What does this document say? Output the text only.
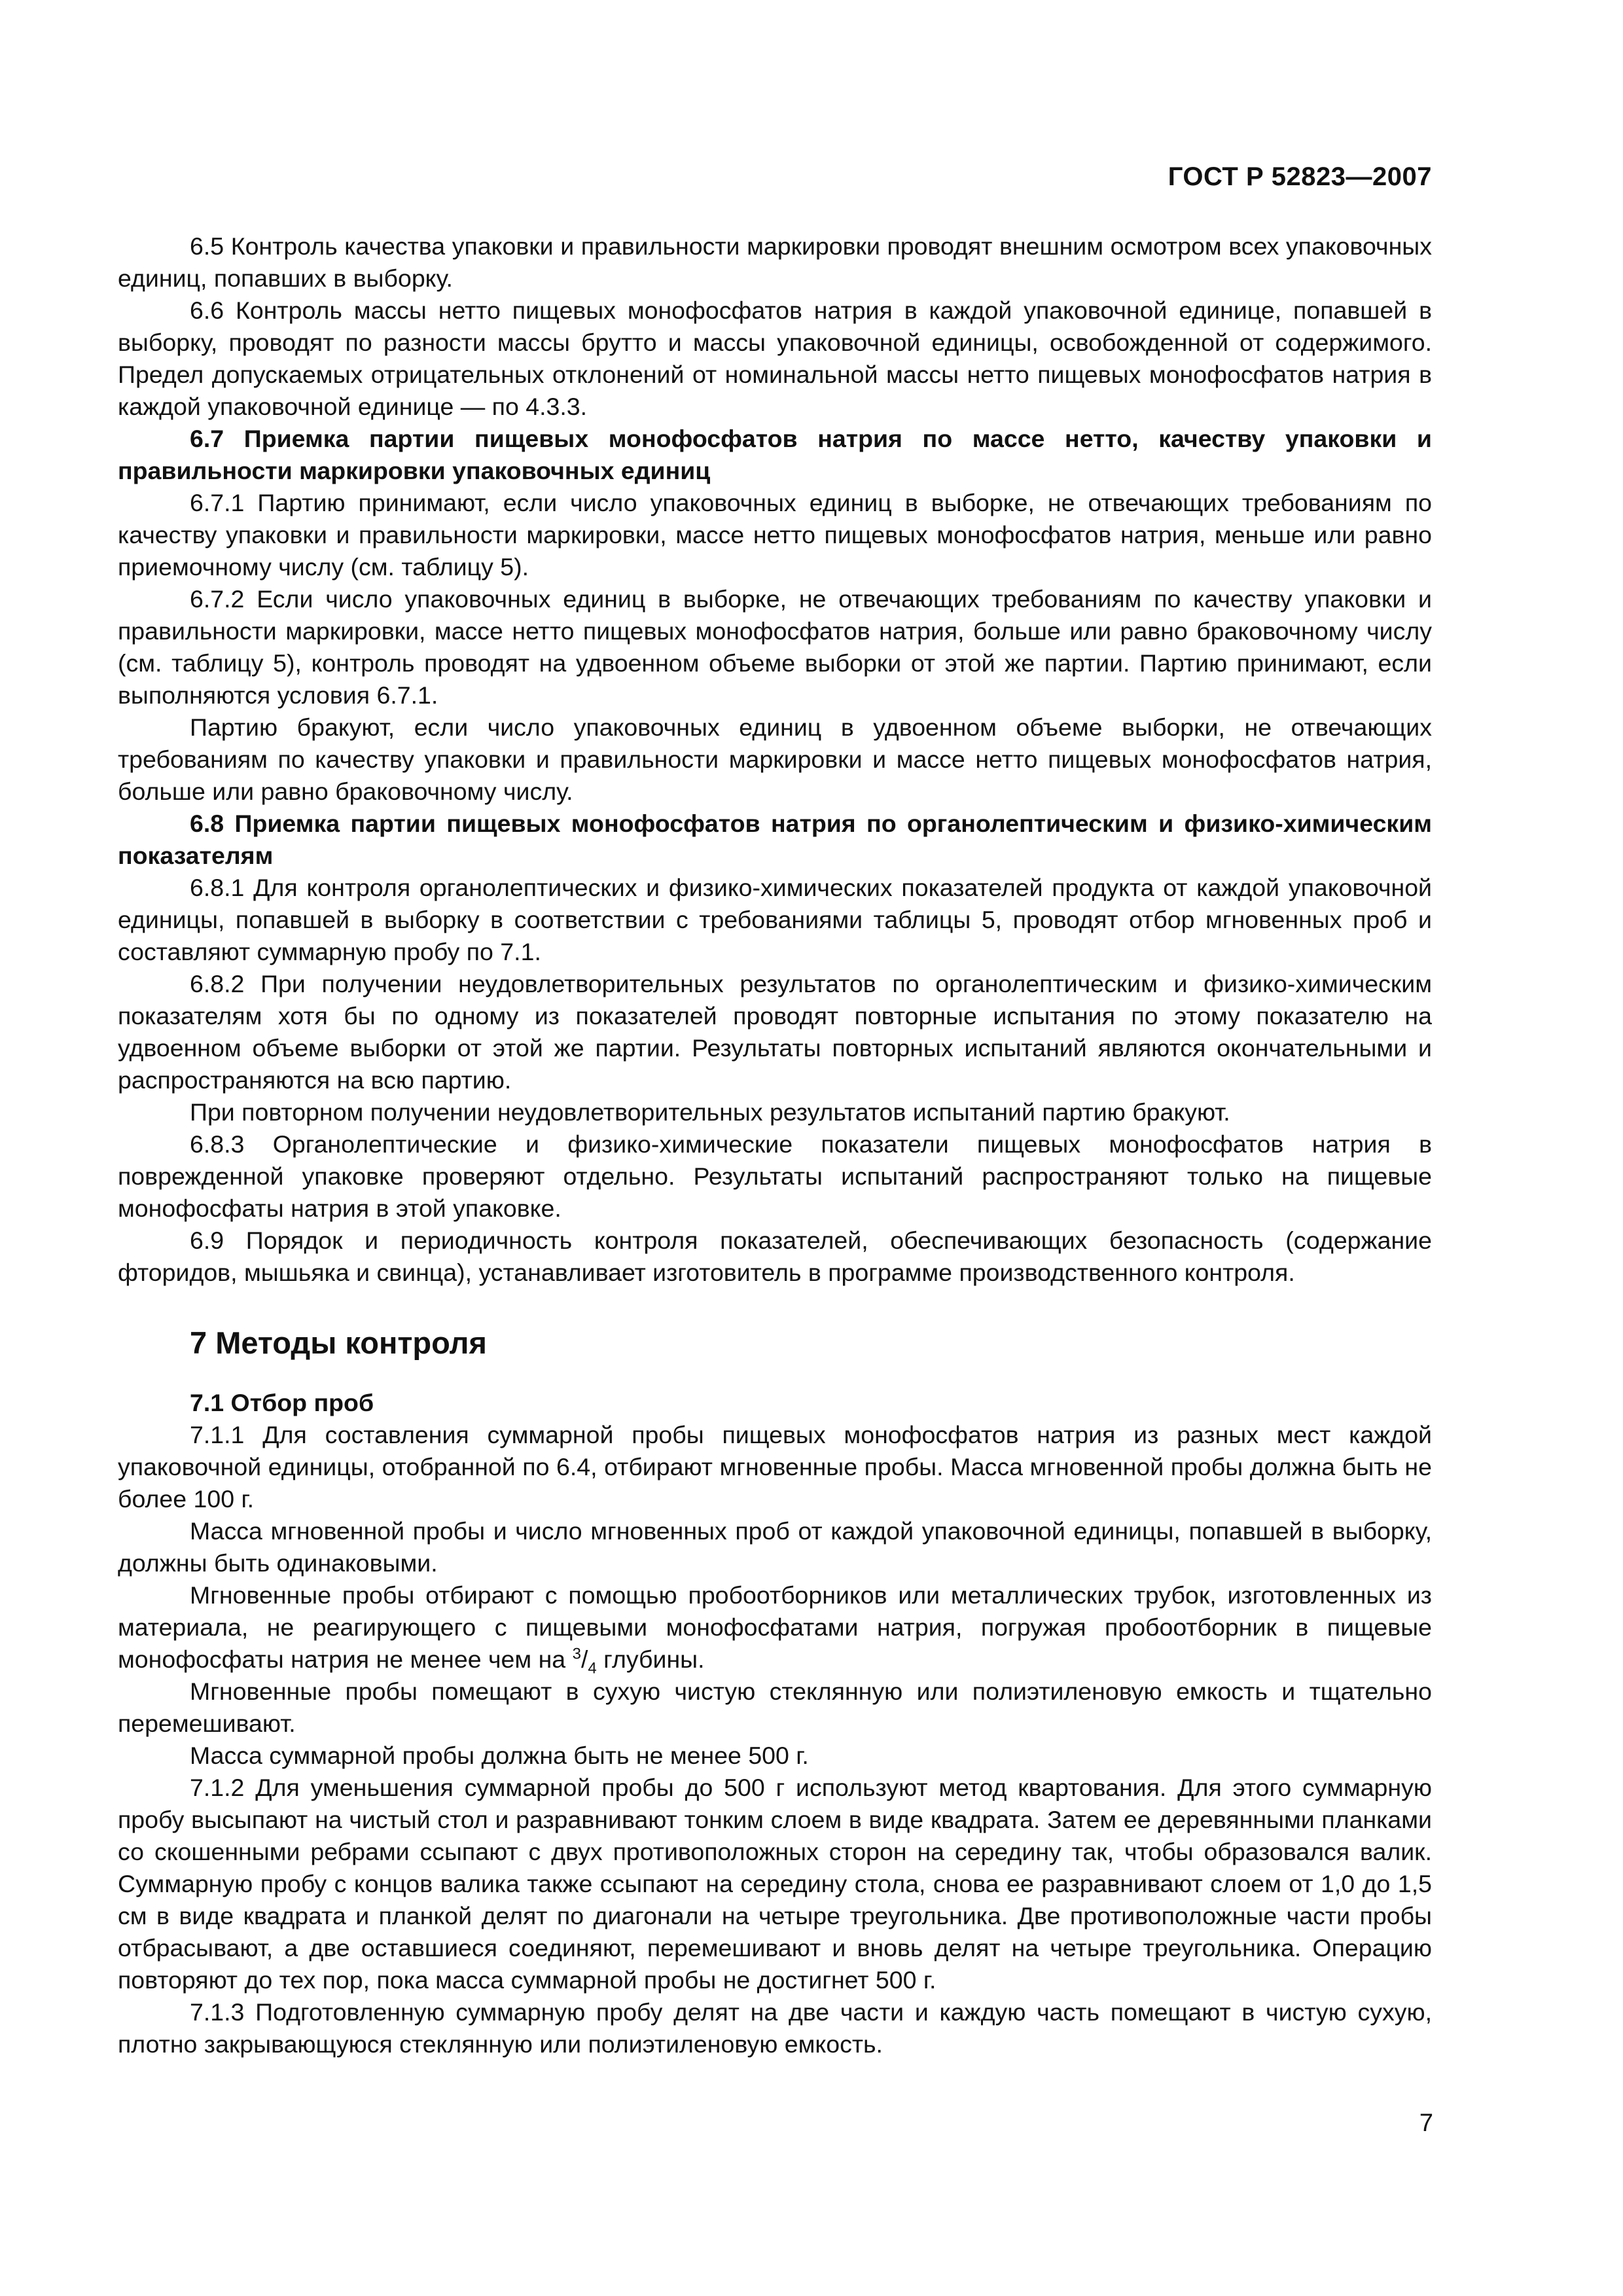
ГОСТ Р 52823—2007

6.5 Контроль качества упаковки и правильности маркировки проводят внешним осмотром всех упаковочных единиц, попавших в выборку.

6.6 Контроль массы нетто пищевых монофосфатов натрия в каждой упаковочной единице, попавшей в выборку, проводят по разности массы брутто и массы упаковочной единицы, освобожденной от содержимого. Предел допускаемых отрицательных отклонений от номинальной массы нетто пищевых монофосфатов натрия в каждой упаковочной единице — по 4.3.3.

6.7 Приемка партии пищевых монофосфатов натрия по массе нетто, качеству упаковки и правильности маркировки упаковочных единиц

6.7.1 Партию принимают, если число упаковочных единиц в выборке, не отвечающих требованиям по качеству упаковки и правильности маркировки, массе нетто пищевых монофосфатов натрия, меньше или равно приемочному числу (см. таблицу 5).

6.7.2 Если число упаковочных единиц в выборке, не отвечающих требованиям по качеству упаковки и правильности маркировки, массе нетто пищевых монофосфатов натрия, больше или равно браковочному числу (см. таблицу 5), контроль проводят на удвоенном объеме выборки от этой же партии. Партию принимают, если выполняются условия 6.7.1.

Партию бракуют, если число упаковочных единиц в удвоенном объеме выборки, не отвечающих требованиям по качеству упаковки и правильности маркировки и массе нетто пищевых монофосфатов натрия, больше или равно браковочному числу.

6.8 Приемка партии пищевых монофосфатов натрия по органолептическим и физико-химическим показателям

6.8.1 Для контроля органолептических и физико-химических показателей продукта от каждой упаковочной единицы, попавшей в выборку в соответствии с требованиями таблицы 5, проводят отбор мгновенных проб и составляют суммарную пробу по 7.1.

6.8.2 При получении неудовлетворительных результатов по органолептическим и физико-химическим показателям хотя бы по одному из показателей проводят повторные испытания по этому показателю на удвоенном объеме выборки от этой же партии. Результаты повторных испытаний являются окончательными и распространяются на всю партию.

При повторном получении неудовлетворительных результатов испытаний партию бракуют.

6.8.3 Органолептические и физико-химические показатели пищевых монофосфатов натрия в поврежденной упаковке проверяют отдельно. Результаты испытаний распространяют только на пищевые монофосфаты натрия в этой упаковке.

6.9 Порядок и периодичность контроля показателей, обеспечивающих безопасность (содержание фторидов, мышьяка и свинца), устанавливает изготовитель в программе производственного контроля.

7 Методы контроля

7.1 Отбор проб

7.1.1 Для составления суммарной пробы пищевых монофосфатов натрия из разных мест каждой упаковочной единицы, отобранной по 6.4, отбирают мгновенные пробы. Масса мгновенной пробы должна быть не более 100 г.

Масса мгновенной пробы и число мгновенных проб от каждой упаковочной единицы, попавшей в выборку, должны быть одинаковыми.

Мгновенные пробы отбирают с помощью пробоотборников или металлических трубок, изготовленных из материала, не реагирующего с пищевыми монофосфатами натрия, погружая пробоотборник в пищевые монофосфаты натрия не менее чем на $^3/_4$ глубины.

Мгновенные пробы помещают в сухую чистую стеклянную или полиэтиленовую емкость и тщательно перемешивают.

Масса суммарной пробы должна быть не менее 500 г.

7.1.2 Для уменьшения суммарной пробы до 500 г используют метод квартования. Для этого суммарную пробу высыпают на чистый стол и разравнивают тонким слоем в виде квадрата. Затем ее деревянными планками со скошенными ребрами ссыпают с двух противоположных сторон на середину так, чтобы образовался валик. Суммарную пробу с концов валика также ссыпают на середину стола, снова ее разравнивают слоем от 1,0 до 1,5 см в виде квадрата и планкой делят по диагонали на четыре треугольника. Две противоположные части пробы отбрасывают, а две оставшиеся соединяют, перемешивают и вновь делят на четыре треугольника. Операцию повторяют до тех пор, пока масса суммарной пробы не достигнет 500 г.

7.1.3 Подготовленную суммарную пробу делят на две части и каждую часть помещают в чистую сухую, плотно закрывающуюся стеклянную или полиэтиленовую емкость.

7
